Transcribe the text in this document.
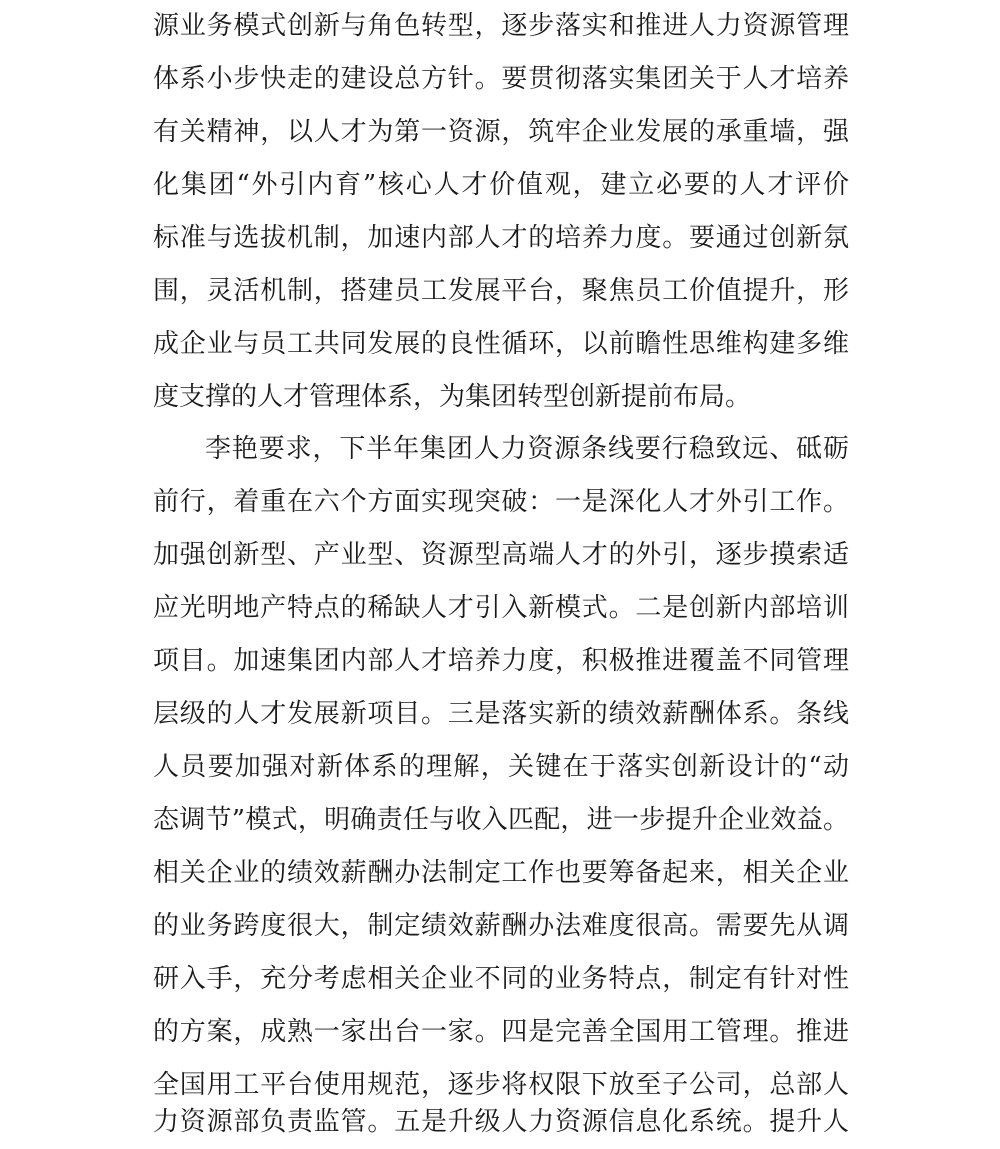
源业务模式创新与角色转型，逐步落实和推进人力资源管理
体系小步快走的建设总方针。要贯彻落实集团关于人才培养
有关精神，以人才为第一资源，筑牢企业发展的承重墙，强
化集团“外引内育”核心人才价值观，建立必要的人才评价
标准与选拔机制，加速内部人才的培养力度。要通过创新氛
围，灵活机制，搭建员工发展平台，聚焦员工价值提升，形
成企业与员工共同发展的良性循环，以前瞻性思维构建多维
度支撑的人才管理体系，为集团转型创新提前布局。
李艳要求，下半年集团人力资源条线要行稳致远、砥砺
前行，着重在六个方面实现突破：一是深化人才外引工作。
加强创新型、产业型、资源型高端人才的外引，逐步摸索适
应光明地产特点的稀缺人才引入新模式。二是创新内部培训
项目。加速集团内部人才培养力度，积极推进覆盖不同管理
层级的人才发展新项目。三是落实新的绩效薪酬体系。条线
人员要加强对新体系的理解，关键在于落实创新设计的“动
态调节”模式，明确责任与收入匹配，进一步提升企业效益。
相关企业的绩效薪酬办法制定工作也要筹备起来，相关企业
的业务跨度很大，制定绩效薪酬办法难度很高。需要先从调
研入手，充分考虑相关企业不同的业务特点，制定有针对性
的方案，成熟一家出台一家。四是完善全国用工管理。推进
全国用工平台使用规范，逐步将权限下放至子公司，总部人
力资源部负责监管。五是升级人力资源信息化系统。提升人
